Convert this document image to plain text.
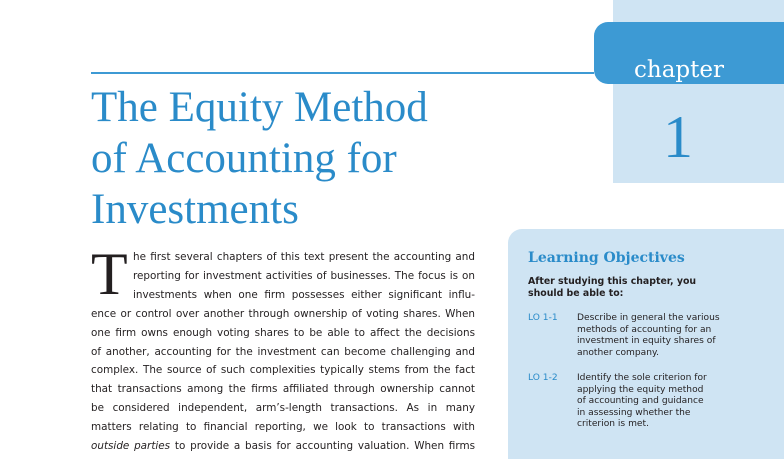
chapter
1
The Equity Method
of Accounting for
Investments
T he first several chapters of this text present the accounting and
reporting for investment activities of businesses. The focus is on
investments when one firm possesses either significant influ-
ence or control over another through ownership of voting shares. When
one firm owns enough voting shares to be able to affect the decisions
of another, accounting for the investment can become challenging and
complex. The source of such complexities typically stems from the fact
that transactions among the firms affiliated through ownership cannot
be considered independent, arm’s-length transactions. As in many
matters relating to financial reporting, we look to transactions with
outside parties to provide a basis for accounting valuation. When firms
Learning Objectives
After studying this chapter, you
should be able to:
LO 1-1	Describe in general the various
methods of accounting for an
investment in equity shares of
another company.
LO 1-2	Identify the sole criterion for
applying the equity method
of accounting and guidance
in assessing whether the
criterion is met.
